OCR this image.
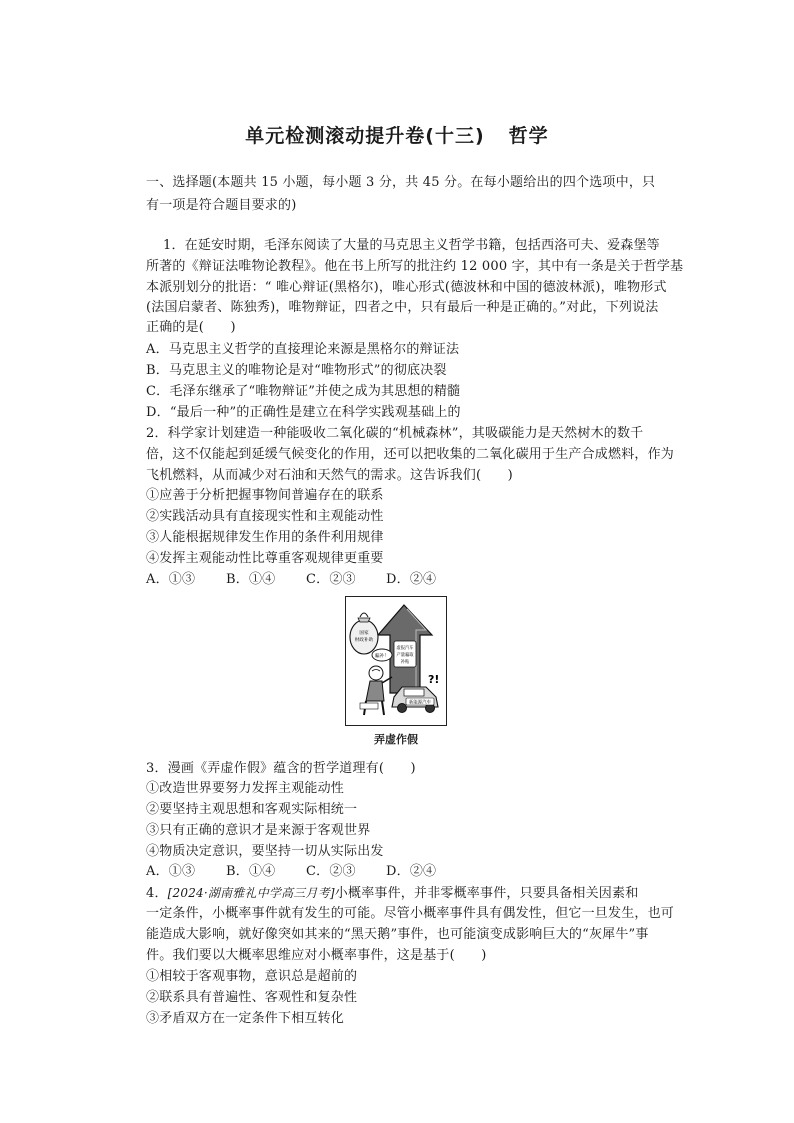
单元检测滚动提升卷(十三) 哲学
一、选择题(本题共 15 小题，每小题 3 分，共 45 分。在每小题给出的四个选项中，只
有一项是符合题目要求的)
1．在延安时期，毛泽东阅读了大量的马克思主义哲学书籍，包括西洛可夫、爱森堡等
所著的《辩证法唯物论教程》。他在书上所写的批注约 12 000 字，其中有一条是关于哲学基
本派别划分的批语：“ 唯心辩证(黑格尔)，唯心形式(德波林和中国的德波林派)，唯物形式
(法国启蒙者、陈独秀)，唯物辩证，四者之中，只有最后一种是正确的。”对此，下列说法
正确的是(　　)
A．马克思主义哲学的直接理论来源是黑格尔的辩证法
B．马克思主义的唯物论是对“唯物形式”的彻底决裂
C．毛泽东继承了“唯物辩证”并使之成为其思想的精髓
D．“最后一种”的正确性是建立在科学实践观基础上的
2．科学家计划建造一种能吸收二氧化碳的“机械森林”，其吸碳能力是天然树木的数千
倍，这不仅能起到延缓气候变化的作用，还可以把收集的二氧化碳用于生产合成燃料，作为
飞机燃料，从而减少对石油和天然气的需求。这告诉我们(　　)
①应善于分析把握事物间普遍存在的联系
②实践活动具有直接现实性和主观能动性
③人能根据规律发生作用的条件利用规律
④发挥主观能动性比尊重客观规律更重要
A．①③ B．①④ C．②③ D．②④
虚报汽车
产量骗取
补贴
国家
财政补助
骗补！
新能源汽车
?!
弄虚作假
3．漫画《弄虚作假》蕴含的哲学道理有(　　)
①改造世界要努力发挥主观能动性
②要坚持主观思想和客观实际相统一
③只有正确的意识才是来源于客观世界
④物质决定意识，要坚持一切从实际出发
A．①③ B．①④ C．②③ D．②④
4．[2024·湖南雅礼中学高三月考]小概率事件，并非零概率事件，只要具备相关因素和
一定条件，小概率事件就有发生的可能。尽管小概率事件具有偶发性，但它一旦发生，也可
能造成大影响，就好像突如其来的“黑天鹅”事件，也可能演变成影响巨大的“灰犀牛”事
件。我们要以大概率思维应对小概率事件，这是基于(　　)
①相较于客观事物，意识总是超前的
②联系具有普遍性、客观性和复杂性
③矛盾双方在一定条件下相互转化
